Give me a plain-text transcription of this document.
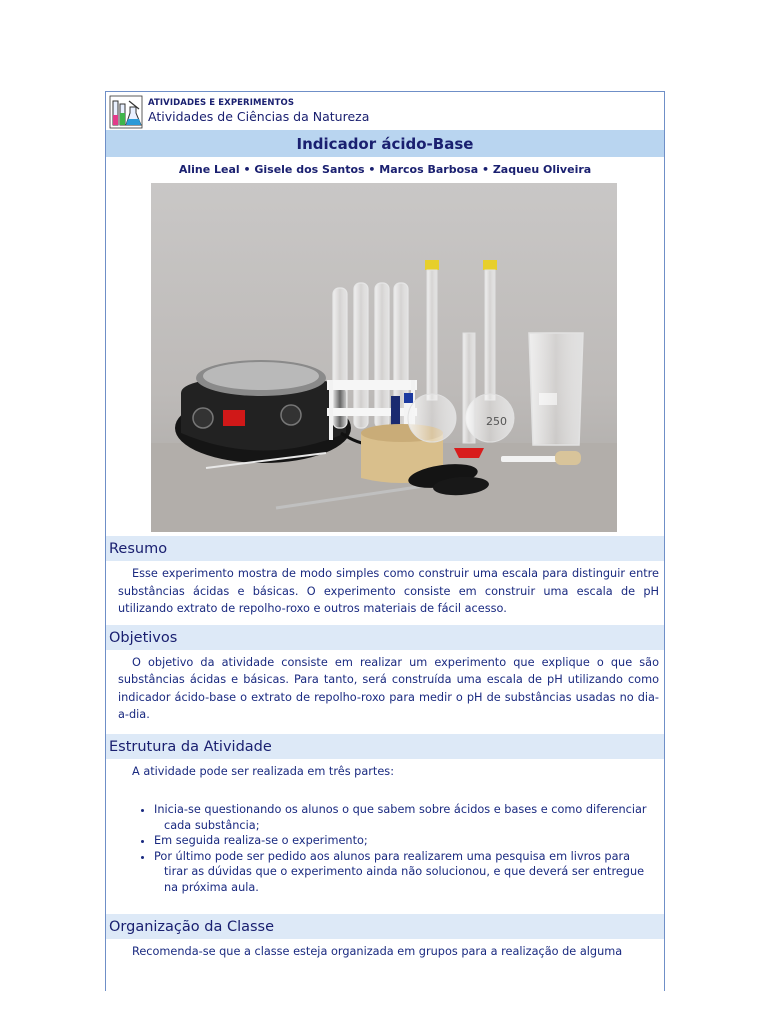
ATIVIDADES E EXPERIMENTOS
Atividades de Ciências da Natureza
Indicador ácido-Base
Aline Leal • Gisele dos Santos • Marcos Barbosa • Zaqueu Oliveira
250
Resumo
Esse experimento mostra de modo simples como construir uma escala para distinguir entre substâncias ácidas e básicas. O experimento consiste em construir uma escala de pH utilizando extrato de repolho-roxo e outros materiais de fácil acesso.
Objetivos
O objetivo da atividade consiste em realizar um experimento que explique o que são substâncias ácidas e básicas. Para tanto, será construída uma escala de pH utilizando como indicador ácido-base o extrato de repolho-roxo para medir o pH de substâncias usadas no dia-a-dia.
Estrutura da Atividade
A atividade pode ser realizada em três partes:
• Inicia-se questionando os alunos o que sabem sobre ácidos e bases e como diferenciar
cada substância;
• Em seguida realiza-se o experimento;
• Por último pode ser pedido aos alunos para realizarem uma pesquisa em livros para
tirar as dúvidas que o experimento ainda não solucionou, e que deverá ser entregue na próxima aula.
Organização da Classe
Recomenda-se que a classe esteja organizada em grupos para a realização de alguma
